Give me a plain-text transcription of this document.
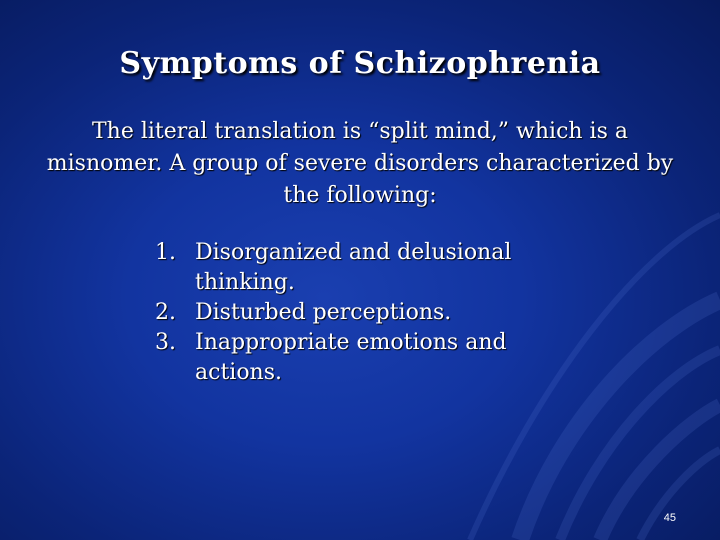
Symptoms of Schizophrenia
The literal translation is “split mind,” which is a misnomer. A group of severe disorders characterized by the following:
1. Disorganized and delusional thinking.
2. Disturbed perceptions.
3. Inappropriate emotions and actions.
45
